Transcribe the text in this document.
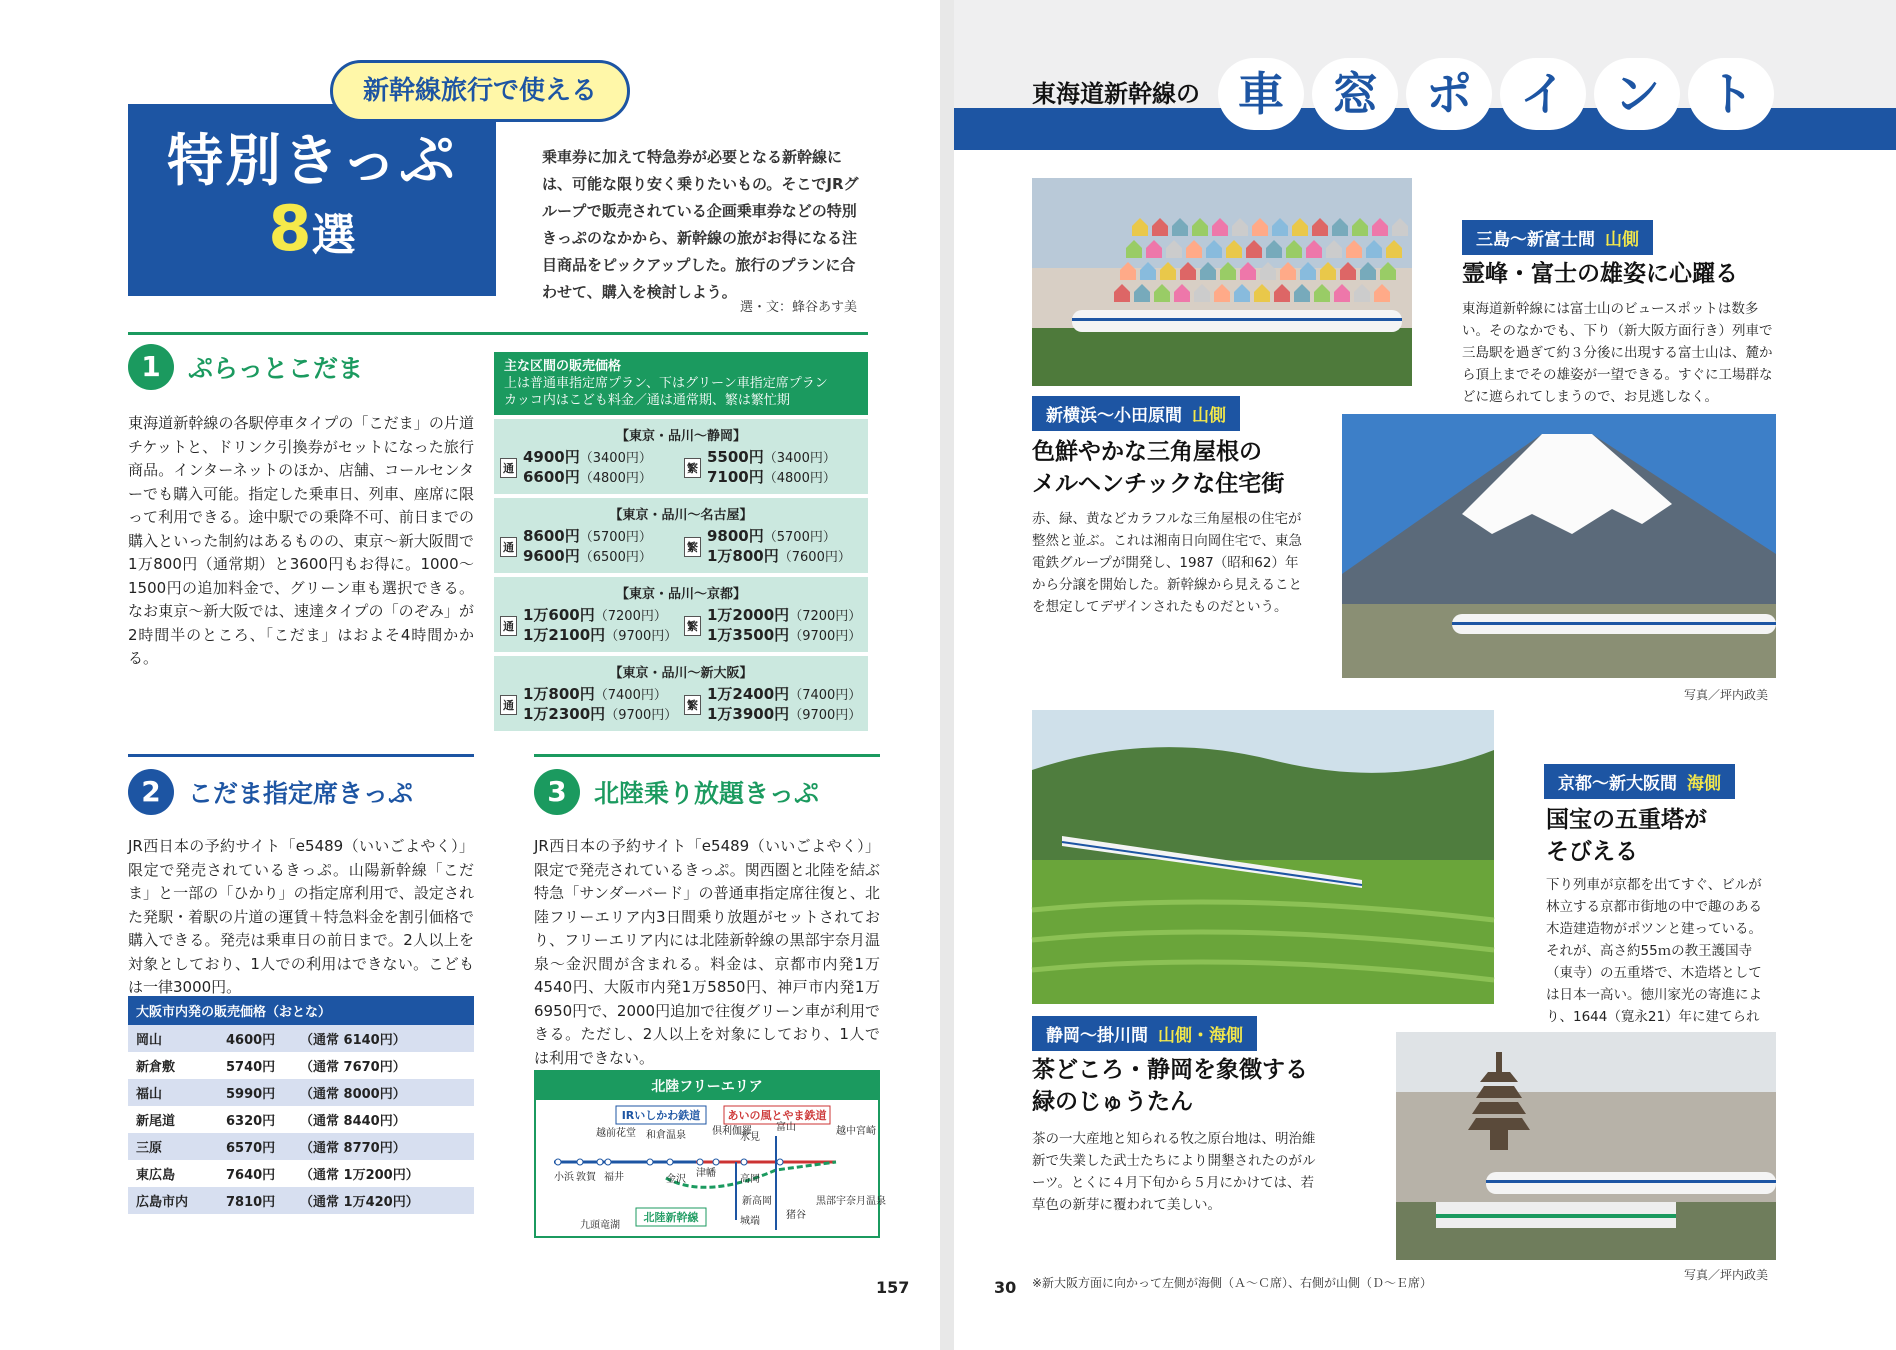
特別きっぷ
8選
新幹線旅行で使える
乗車券に加えて特急券が必要となる新幹線には、可能な限り安く乗りたいもの。そこでJRグループで販売されている企画乗車券などの特別きっぷのなかから、新幹線の旅がお得になる注目商品をピックアップした。旅行のプランに合わせて、購入を検討しよう。
選・文：蜂谷あす美
1	ぷらっとこだま
東海道新幹線の各駅停車タイプの「こだま」の片道チケットと、ドリンク引換券がセットになった旅行商品。インターネットのほか、店舗、コールセンターでも購入可能。指定した乗車日、列車、座席に限って利用できる。途中駅での乗降不可、前日までの購入といった制約はあるものの、東京〜新大阪間で1万800円（通常期）と3600円もお得に。1000〜1500円の追加料金で、グリーン車も選択できる。なお東京〜新大阪では、速達タイプの「のぞみ」が2時間半のところ、「こだま」はおよそ4時間かかる。
主な区間の販売価格
上は普通車指定席プラン、下はグリーン車指定席プラン
カッコ内はこども料金／通は通常期、繁は繁忙期
【東京・品川〜静岡】
通
4900円（3400円）
6600円（4800円）
繁
5500円（3400円）
7100円（4800円）
【東京・品川〜名古屋】
通
8600円（5700円）
9600円（6500円）
繁
9800円（5700円）
1万800円（7600円）
【東京・品川〜京都】
通
1万600円（7200円）
1万2100円（9700円）
繁
1万2000円（7200円）
1万3500円（9700円）
【東京・品川〜新大阪】
通
1万800円（7400円）
1万2300円（9700円）
繁
1万2400円（7400円）
1万3900円（9700円）
2	こだま指定席きっぷ
JR西日本の予約サイト「e5489（いいごよやく）」限定で発売されているきっぷ。山陽新幹線「こだま」と一部の「ひかり」の指定席利用で、設定された発駅・着駅の片道の運賃＋特急料金を割引価格で購入できる。発売は乗車日の前日まで。2人以上を対象としており、1人での利用はできない。こどもは一律3000円。
大阪市内発の販売価格（おとな）
岡山	4600円	（通常 6140円）
新倉敷	5740円	（通常 7670円）
福山	5990円	（通常 8000円）
新尾道	6320円	（通常 8440円）
三原	6570円	（通常 8770円）
東広島	7640円	（通常 1万200円）
広島市内	7810円	（通常 1万420円）
3	北陸乗り放題きっぷ
JR西日本の予約サイト「e5489（いいごよやく）」限定で発売されているきっぷ。関西圏と北陸を結ぶ特急「サンダーバード」の普通車指定席往復と、北陸フリーエリア内3日間乗り放題がセットされており、フリーエリア内には北陸新幹線の黒部宇奈月温泉〜金沢間が含まれる。料金は、京都市内発1万4540円、大阪市内発1万5850円、神戸市内発1万6950円で、2000円追加で往復グリーン車が利用できる。ただし、2人以上を対象にしており、1人では利用できない。
北陸フリーエリア
IRいしかわ鉄道 あいの風とやま鉄道
北陸新幹線
小浜 敦賀 福井
越前花堂 和倉温泉
金沢
津幡
倶利伽羅
氷見
富山
高岡
新高岡
城端
猪谷
越中宮崎
黒部宇奈月温泉
九頭竜湖
157
東海道新幹線の 車	窓	ポ	イ	ン	ト
三島〜新富士間 山側
霊峰・富士の雄姿に心躍る
東海道新幹線には富士山のビュースポットは数多い。そのなかでも、下り（新大阪方面行き）列車で三島駅を過ぎて約３分後に出現する富士山は、麓から頂上までその雄姿が一望できる。すぐに工場群などに遮られてしまうので、お見逃しなく。
新横浜〜小田原間 山側
色鮮やかな三角屋根の
メルヘンチックな住宅街
赤、緑、黄などカラフルな三角屋根の住宅が整然と並ぶ。これは湘南日向岡住宅で、東急電鉄グループが開発し、1987（昭和62）年から分譲を開始した。新幹線から見えることを想定してデザインされたものだという。
写真／坪内政美
京都〜新大阪間 海側
国宝の五重塔が
そびえる
下り列車が京都を出てすぐ、ビルが林立する京都市街地の中で趣のある木造建造物がポツンと建っている。それが、高さ約55ｍの教王護国寺（東寺）の五重塔で、木造塔としては日本一高い。徳川家光の寄進により、1644（寛永21）年に建てられ
静岡〜掛川間 山側・海側
茶どころ・静岡を象徴する
緑のじゅうたん
茶の一大産地と知られる牧之原台地は、明治維新で失業した武士たちにより開墾されたのがルーツ。とくに４月下旬から５月にかけては、若草色の新芽に覆われて美しい。
写真／坪内政美
30 ※新大阪方面に向かって左側が海側（Ａ〜Ｃ席）、右側が山側（Ｄ〜Ｅ席）
